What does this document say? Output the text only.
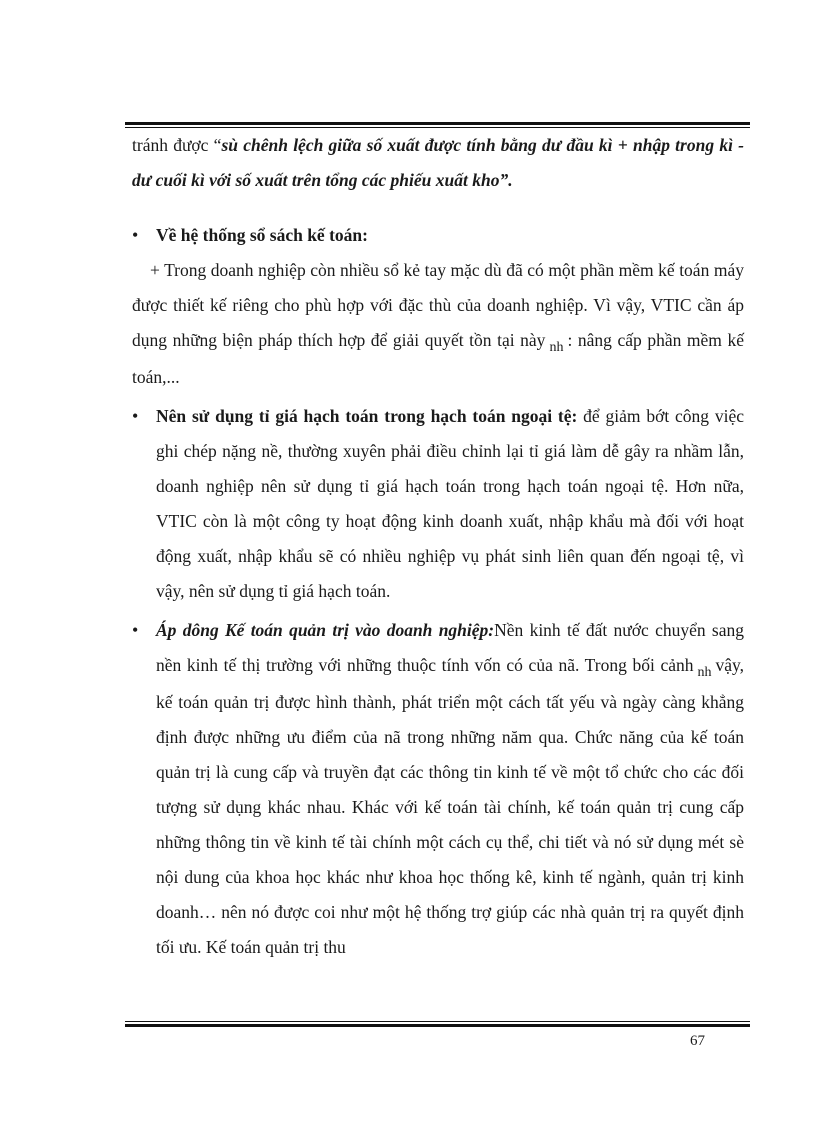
tránh được “sù chênh lệch giữa số xuất được tính bằng dư đầu kì + nhập trong kì - dư cuối kì với số xuất trên tổng các phiếu xuất kho”.

• Về hệ thống sổ sách kế toán:

+ Trong doanh nghiệp còn nhiều sổ kẻ tay mặc dù đã có một phần mềm kế toán máy được thiết kế riêng cho phù hợp với đặc thù của doanh nghiệp. Vì vậy, VTIC cần áp dụng những biện pháp thích hợp để giải quyết tồn tại này $_{nh}$ : nâng cấp phần mềm kế toán,...

• Nên sử dụng tỉ giá hạch toán trong hạch toán ngoại tệ: để giảm bớt công việc ghi chép nặng nề, thường xuyên phải điều chỉnh lại tỉ giá làm dễ gây ra nhầm lẫn, doanh nghiệp nên sử dụng tỉ giá hạch toán trong hạch toán ngoại tệ. Hơn nữa, VTIC còn là một công ty hoạt động kinh doanh xuất, nhập khẩu mà đối với hoạt động xuất, nhập khẩu sẽ có nhiều nghiệp vụ phát sinh liên quan đến ngoại tệ, vì vậy, nên sử dụng tỉ giá hạch toán.

• Áp dông Kế toán quản trị vào doanh nghiệp:Nền kinh tế đất nước chuyển sang nền kinh tế thị trường với những thuộc tính vốn có của nã. Trong bối cảnh $_{nh}$ vậy, kế toán quản trị được hình thành, phát triển một cách tất yếu và ngày càng khẳng định được những ưu điểm của nã trong những năm qua. Chức năng của kế toán quản trị là cung cấp và truyền đạt các thông tin kinh tế về một tổ chức cho các đối tượng sử dụng khác nhau. Khác với kế toán tài chính, kế toán quản trị cung cấp những thông tin về kinh tế tài chính một cách cụ thể, chi tiết và nó sử dụng mét sè nội dung của khoa học khác như khoa học thống kê, kinh tế ngành, quản trị kinh doanh… nên nó được coi như một hệ thống trợ giúp các nhà quản trị ra quyết định tối ưu. Kế toán quản trị thu

67
